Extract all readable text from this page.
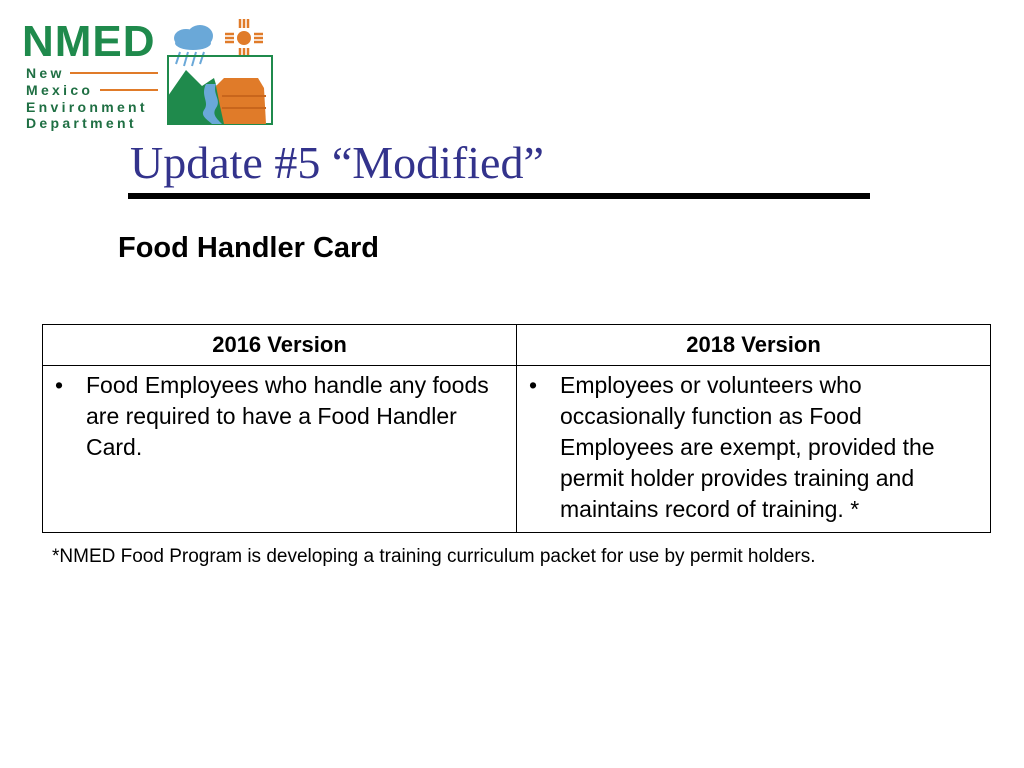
NMED
New
Mexico
Environment
Department
Update #5 “Modified”
Food Handler Card
2016 Version	2018 Version

• Food Employees who handle any foods are required to have a Food Handler Card.	• Employees or volunteers who occasionally function as Food Employees are exempt, provided the permit holder provides training and maintains record of training. *
*NMED Food Program is developing a training curriculum packet for use by permit holders.
